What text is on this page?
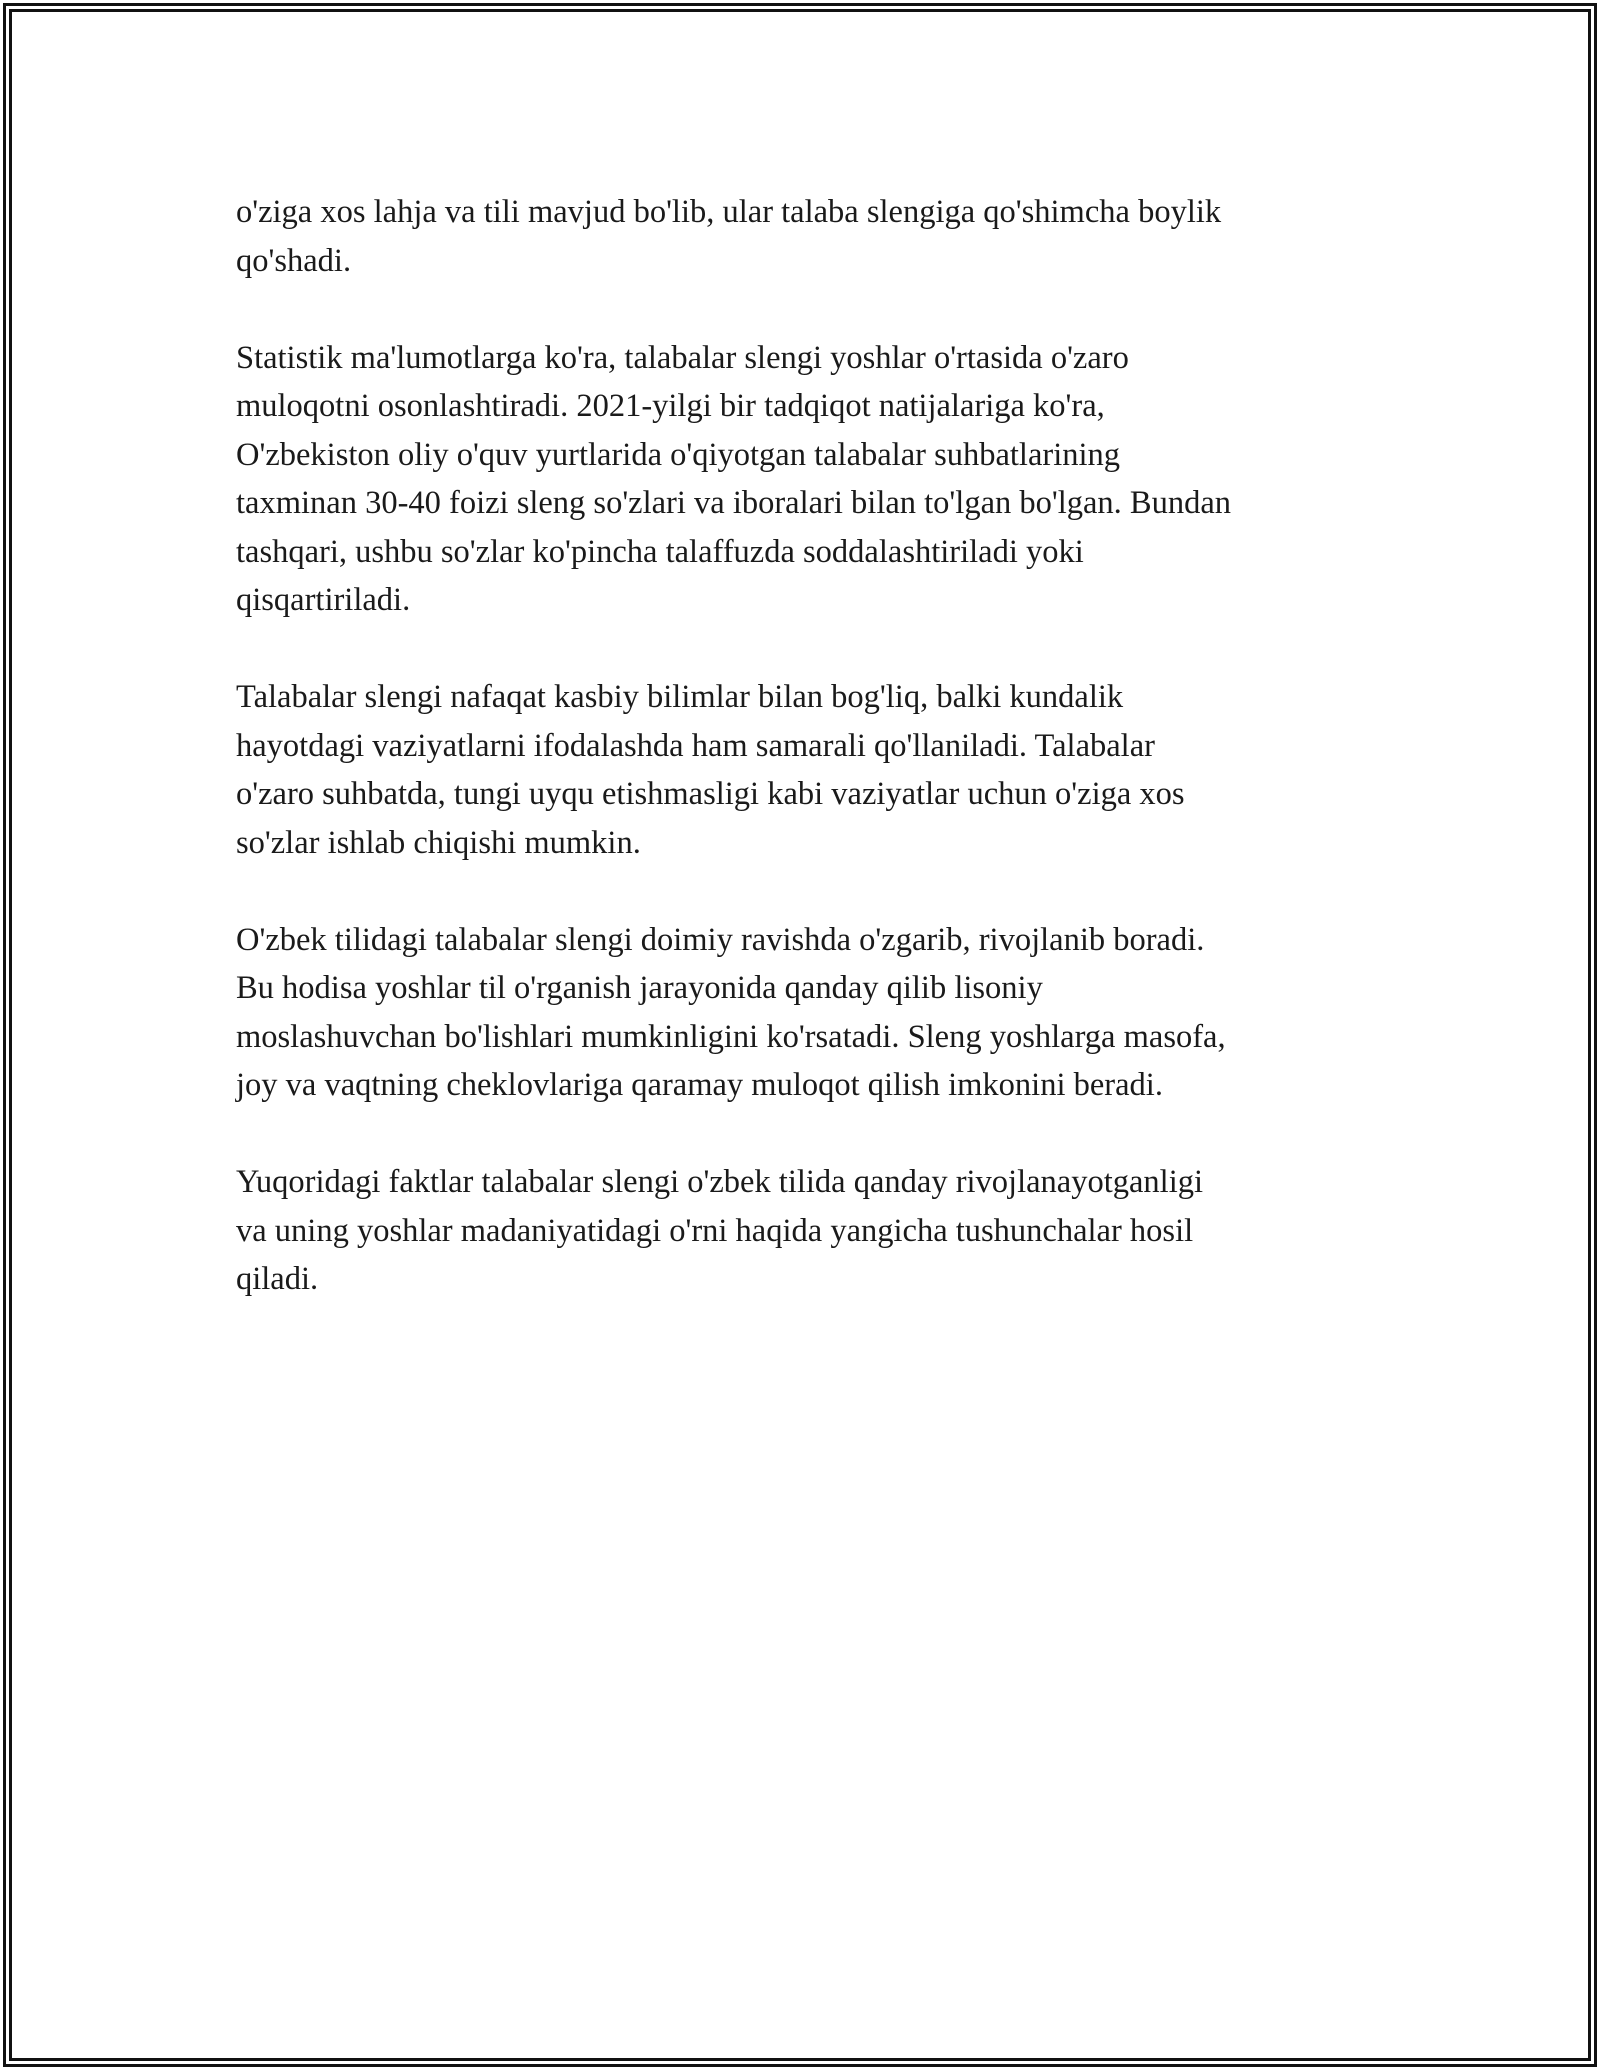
o'ziga xos lahja va tili mavjud bo'lib, ular talaba slengiga qo'shimcha boylik
qo'shadi.

Statistik ma'lumotlarga ko'ra, talabalar slengi yoshlar o'rtasida o'zaro
muloqotni osonlashtiradi. 2021-yilgi bir tadqiqot natijalariga ko'ra,
O'zbekiston oliy o'quv yurtlarida o'qiyotgan talabalar suhbatlarining
taxminan 30-40 foizi sleng so'zlari va iboralari bilan to'lgan bo'lgan. Bundan
tashqari, ushbu so'zlar ko'pincha talaffuzda soddalashtiriladi yoki
qisqartiriladi.

Talabalar slengi nafaqat kasbiy bilimlar bilan bog'liq, balki kundalik
hayotdagi vaziyatlarni ifodalashda ham samarali qo'llaniladi. Talabalar
o'zaro suhbatda, tungi uyqu etishmasligi kabi vaziyatlar uchun o'ziga xos
so'zlar ishlab chiqishi mumkin.

O'zbek tilidagi talabalar slengi doimiy ravishda o'zgarib, rivojlanib boradi.
Bu hodisa yoshlar til o'rganish jarayonida qanday qilib lisoniy
moslashuvchan bo'lishlari mumkinligini ko'rsatadi. Sleng yoshlarga masofa,
joy va vaqtning cheklovlariga qaramay muloqot qilish imkonini beradi.

Yuqoridagi faktlar talabalar slengi o'zbek tilida qanday rivojlanayotganligi
va uning yoshlar madaniyatidagi o'rni haqida yangicha tushunchalar hosil
qiladi.
